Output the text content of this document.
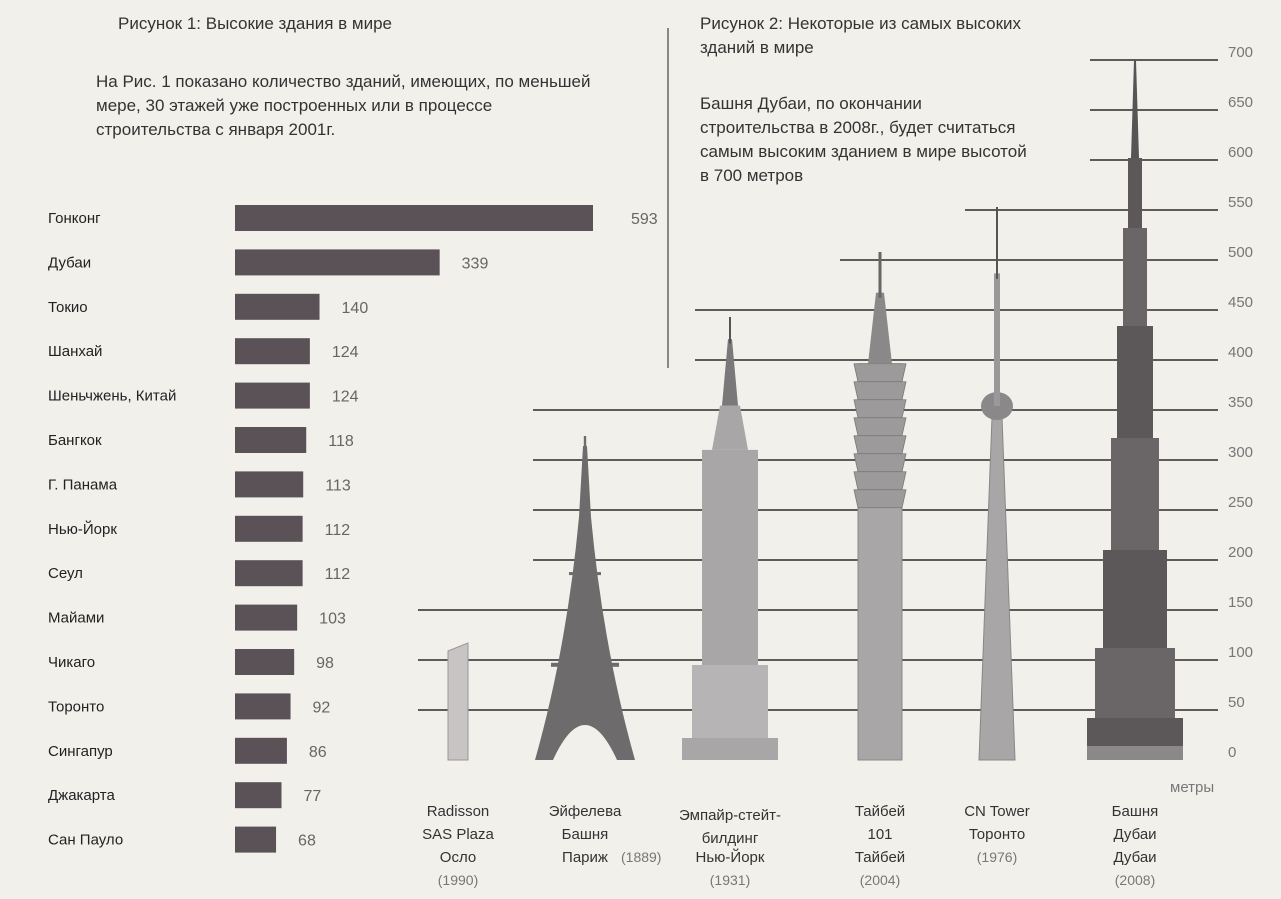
Рисунок 1: Высокие здания в мире
На Рис. 1 показано количество зданий, имеющих, по меньшей мере, 30 этажей уже построенных или в процессе строительства с января 2001г.
Рисунок 2: Некоторые из самых высоких зданий в мире
Башня Дубаи, по окончании строительства в 2008г., будет считаться самым высоким зданием в мире высотой в 700 метров
Гонконг	593
Дубаи	339
Токио	140
Шанхай	124
Шеньчжень, Китай	124
Бангкок	118
Г. Панама	113
Нью-Йорк	112
Сеул	112
Майами	103
Чикаго	98
Торонто	92
Сингапур	86
Джакарта	77
Сан Пауло	68
0
50
100
150
200
250
300
350
400
450
500
550
600
650
700
метры
Radisson
SAS Plaza
Осло
(1990)
Эйфелева
Башня
Париж (1889)
Эмпайр-стейт-
билдинг
Нью-Йорк
(1931)
Тайбей
101
Тайбей
(2004)
CN Tower
Торонто
(1976)
Башня
Дубаи
Дубаи
(2008)
